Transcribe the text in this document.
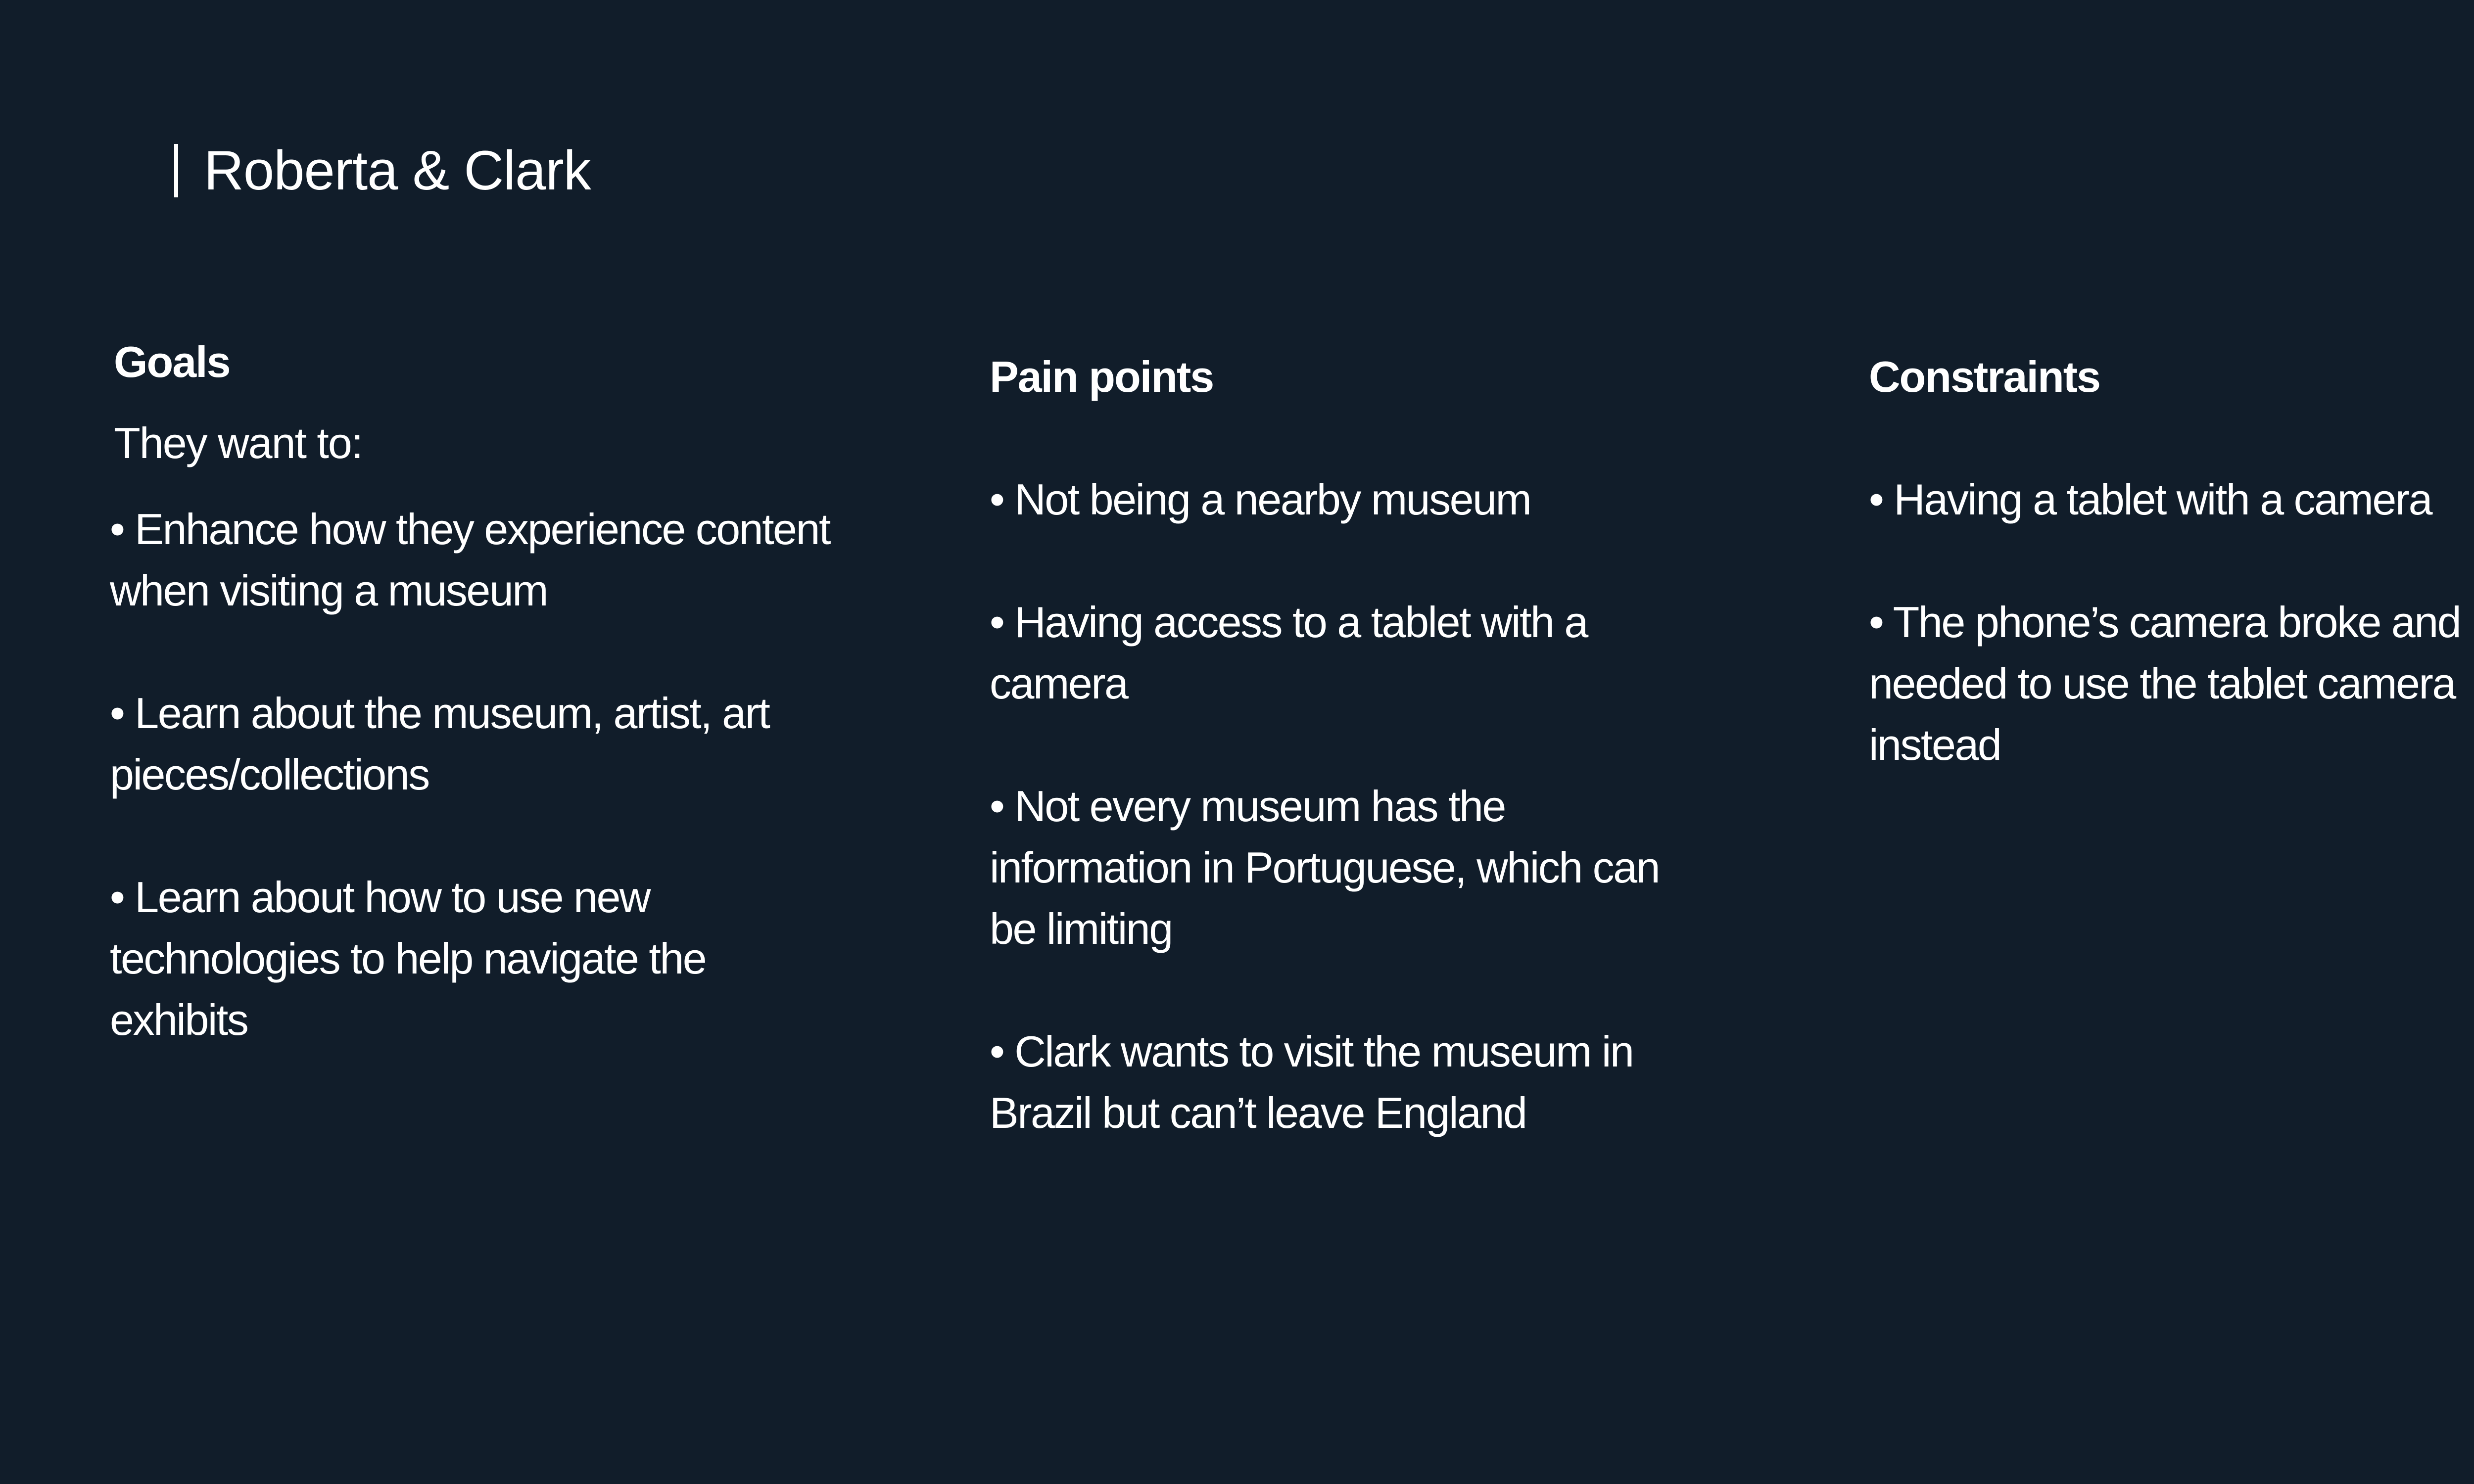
Roberta & Clark
Goals

They want to:

• Enhance how they experience content when visiting a museum
• Learn about the museum, artist, art pieces/collections
• Learn about how to use new technologies to help navigate the exhibits
Pain points
• Not being a nearby museum
• Having access to a tablet with a camera
• Not every museum has the information in Portuguese, which can be limiting
• Clark wants to visit the museum in Brazil but can’t leave England
Constraints
• Having a tablet with a camera
• The phone’s camera broke and needed to use the tablet camera instead
